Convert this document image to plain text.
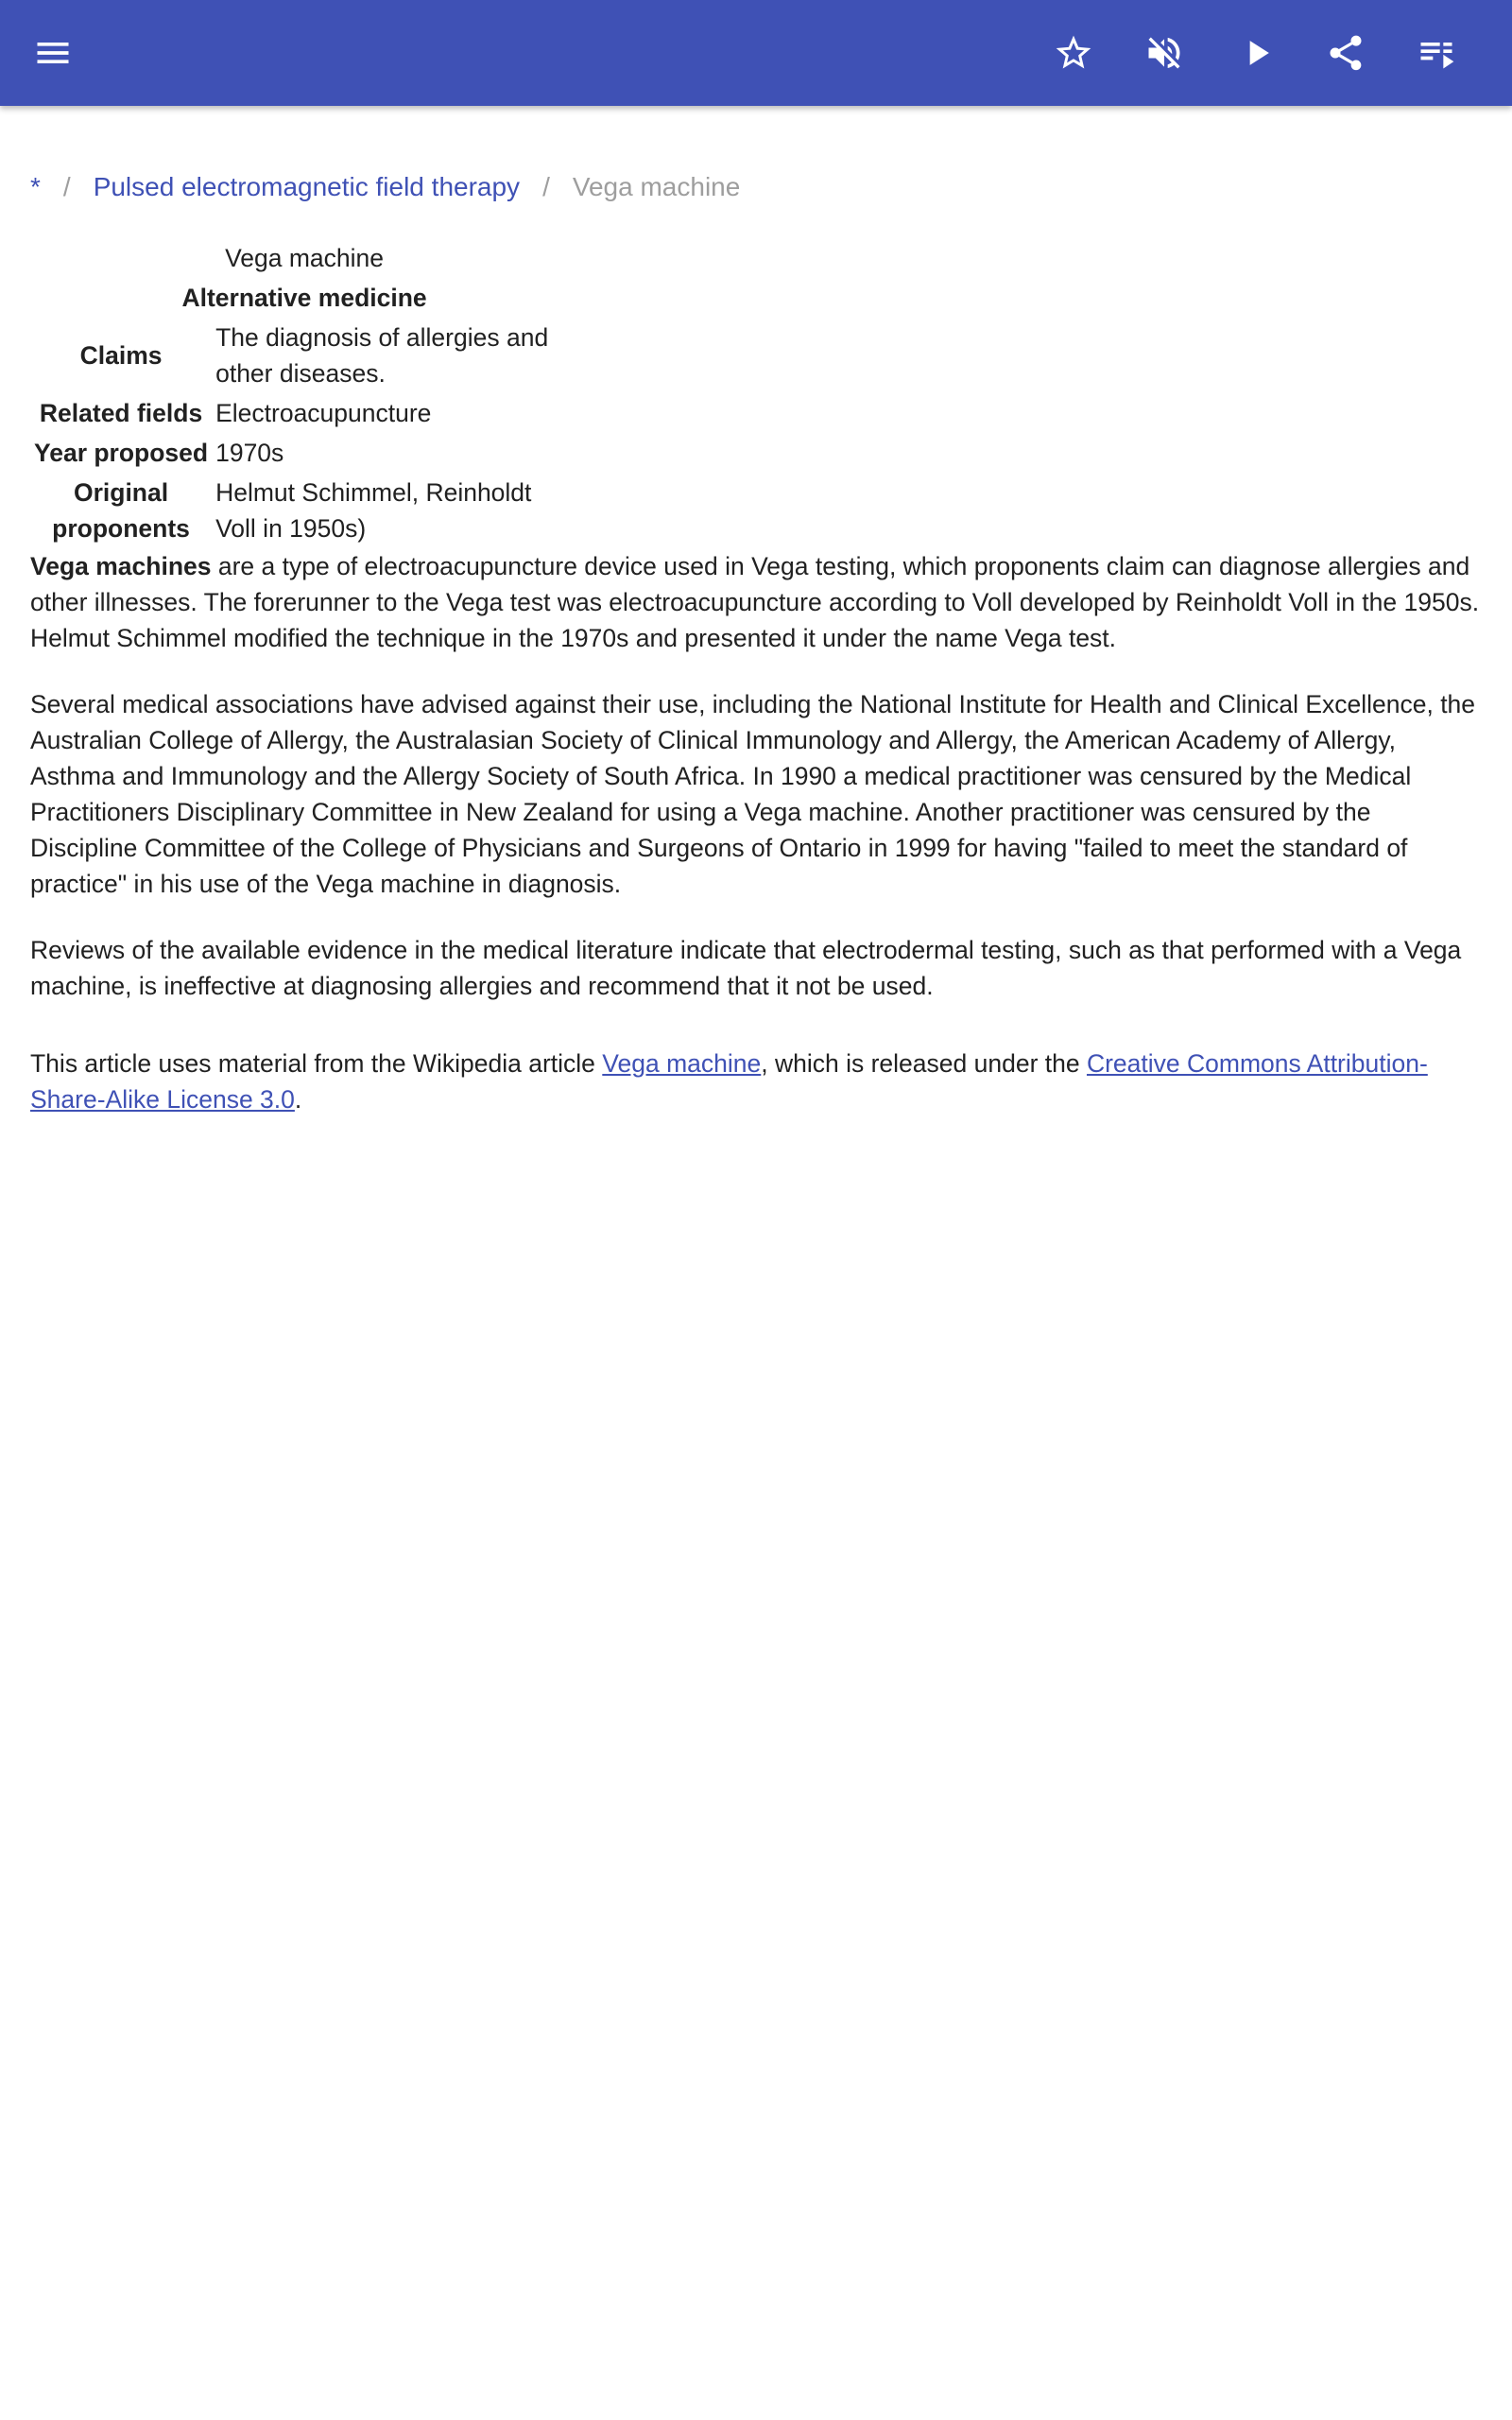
* / Pulsed electromagnetic field therapy / Vega machine
Vega machine	
Alternative medicine	
Claims	The diagnosis of allergies and other diseases.
Related fields	Electroacupuncture
Year proposed	1970s
Original proponents	Helmut Schimmel, Reinholdt Voll in 1950s)

Vega machines are a type of electroacupuncture device used in Vega testing, which proponents claim can diagnose allergies and other illnesses. The forerunner to the Vega test was electroacupuncture according to Voll developed by Reinholdt Voll in the 1950s. Helmut Schimmel modified the technique in the 1970s and presented it under the name Vega test.

Several medical associations have advised against their use, including the National Institute for Health and Clinical Excellence, the Australian College of Allergy, the Australasian Society of Clinical Immunology and Allergy, the American Academy of Allergy, Asthma and Immunology and the Allergy Society of South Africa. In 1990 a medical practitioner was censured by the Medical Practitioners Disciplinary Committee in New Zealand for using a Vega machine. Another practitioner was censured by the Discipline Committee of the College of Physicians and Surgeons of Ontario in 1999 for having "failed to meet the standard of practice" in his use of the Vega machine in diagnosis.

Reviews of the available evidence in the medical literature indicate that electrodermal testing, such as that performed with a Vega machine, is ineffective at diagnosing allergies and recommend that it not be used.

This article uses material from the Wikipedia article Vega machine, which is released under the Creative Commons Attribution-Share-Alike License 3.0.
